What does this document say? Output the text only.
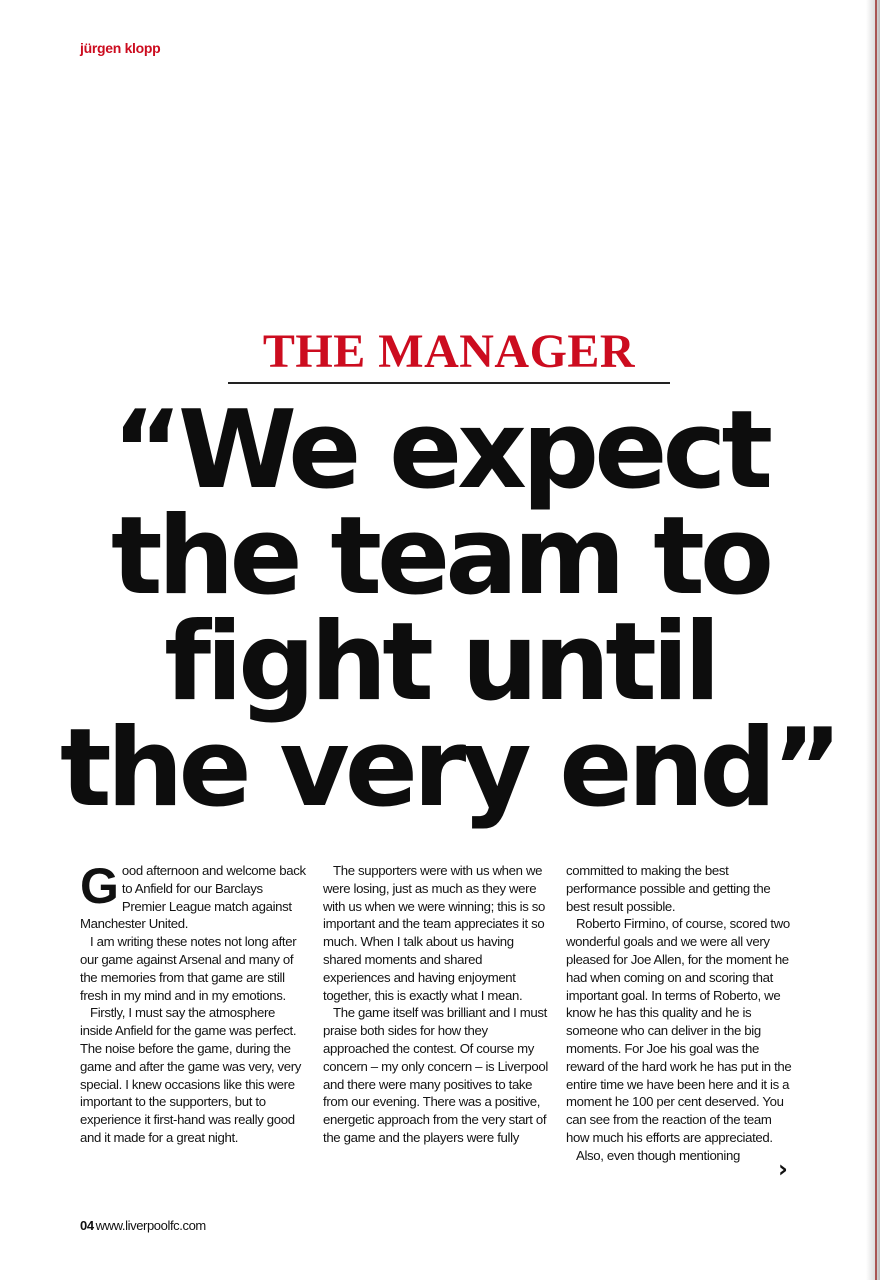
jürgen klopp
THE MANAGER
“We expect
the team to
fight until
the very end”

Good afternoon and welcome back to Anfield for our Barclays Premier League match against Manchester United.

I am writing these notes not long after our game against Arsenal and many of the memories from that game are still fresh in my mind and in my emotions.

Firstly, I must say the atmosphere inside Anfield for the game was perfect. The noise before the game, during the game and after the game was very, very special. I knew occasions like this were important to the supporters, but to experience it first-hand was really good and it made for a great night.

The supporters were with us when we were losing, just as much as they were with us when we were winning; this is so important and the team appreciates it so much. When I talk about us having shared moments and shared experiences and having enjoyment together, this is exactly what I mean.

The game itself was brilliant and I must praise both sides for how they approached the contest. Of course my concern – my only concern – is Liverpool and there were many positives to take from our evening. There was a positive, energetic approach from the very start of the game and the players were fully

committed to making the best performance possible and getting the best result possible.

Roberto Firmino, of course, scored two wonderful goals and we were all very pleased for Joe Allen, for the moment he had when coming on and scoring that important goal. In terms of Roberto, we know he has this quality and he is someone who can deliver in the big moments. For Joe his goal was the reward of the hard work he has put in the entire time we have been here and it is a moment he 100 per cent deserved. You can see from the reaction of the team how much his efforts are appreciated.

Also, even though mentioning	›
04 www.liverpoolfc.com
